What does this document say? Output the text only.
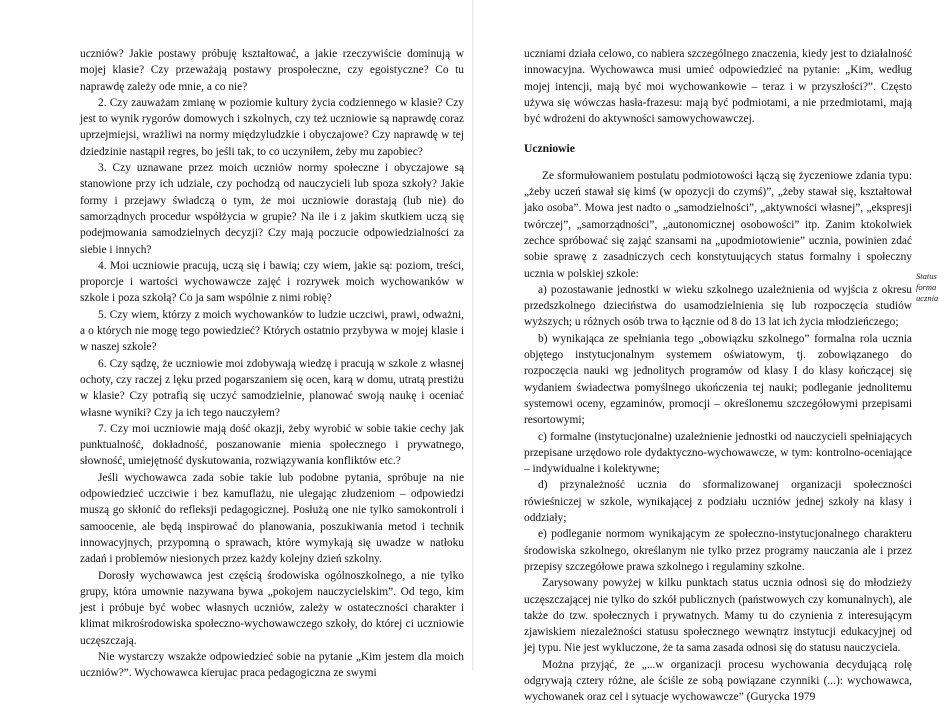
uczniów? Jakie postawy próbuję kształtować, a jakie rzeczywiście dominują w mojej klasie? Czy przeważają postawy prospołeczne, czy egoistyczne? Co tu naprawdę zależy ode mnie, a co nie?

2. Czy zauważam zmianę w poziomie kultury życia codziennego w klasie? Czy jest to wynik rygorów domowych i szkolnych, czy też uczniowie są naprawdę coraz uprzejmiejsi, wrażliwi na normy międzyludzkie i obyczajowe? Czy naprawdę w tej dziedzinie nastąpił regres, bo jeśli tak, to co uczyniłem, żeby mu zapobiec?

3. Czy uznawane przez moich uczniów normy społeczne i obyczajowe są stanowione przy ich udziale, czy pochodzą od nauczycieli lub spoza szkoły? Jakie formy i przejawy świadczą o tym, że moi uczniowie dorastają (lub nie) do samorządnych procedur współżycia w grupie? Na ile i z jakim skutkiem uczą się podejmowania samodzielnych decyzji? Czy mają poczucie odpowiedzialności za siebie i innych?

4. Moi uczniowie pracują, uczą się i bawią; czy wiem, jakie są: poziom, treści, proporcje i wartości wychowawcze zajęć i rozrywek moich wychowanków w szkole i poza szkołą? Co ja sam wspólnie z nimi robię?

5. Czy wiem, którzy z moich wychowanków to ludzie uczciwi, prawi, odważni, a o których nie mogę tego powiedzieć? Których ostatnio przybywa w mojej klasie i w naszej szkole?

6. Czy sądzę, że uczniowie moi zdobywają wiedzę i pracują w szkole z własnej ochoty, czy raczej z lęku przed pogarszaniem się ocen, karą w domu, utratą prestiżu w klasie? Czy potrafią się uczyć samodzielnie, planować swoją naukę i oceniać własne wyniki? Czy ja ich tego nauczyłem?

7. Czy moi uczniowie mają dość okazji, żeby wyrobić w sobie takie cechy jak punktualność, dokładność, poszanowanie mienia społecznego i prywatnego, słowność, umiejętność dyskutowania, rozwiązywania konfliktów etc.?

Jeśli wychowawca zada sobie takie lub podobne pytania, spróbuje na nie odpowiedzieć uczciwie i bez kamuflażu, nie ulegając złudzeniom – odpowiedzi muszą go skłonić do refleksji pedagogicznej. Posłużą one nie tylko samokontroli i samoocenie, ale będą inspirować do planowania, poszukiwania metod i technik innowacyjnych, przypomną o sprawach, które wymykają się uwadze w natłoku zadań i problemów niesionych przez każdy kolejny dzień szkolny.

Dorosły wychowawca jest częścią środowiska ogólnoszkolnego, a nie tylko grupy, która umownie nazywana bywa „pokojem nauczycielskim”. Od tego, kim jest i próbuje być wobec własnych uczniów, zależy w ostateczności charakter i klimat mikrośrodowiska społeczno-wychowawczego szkoły, do której ci uczniowie uczęszczają.

Nie wystarczy wszakże odpowiedzieć sobie na pytanie „Kim jestem dla moich uczniów?”. Wychowawca kierujac praca pedagogiczna ze swymi

uczniami działa celowo, co nabiera szczególnego znaczenia, kiedy jest to działalność innowacyjna. Wychowawca musi umieć odpowiedzieć na pytanie: „Kim, według mojej intencji, mają być moi wychowankowie – teraz i w przyszłości?”. Często używa się wówczas hasła-frazesu: mają być podmiotami, a nie przedmiotami, mają być wdrożeni do aktywności samowychowawczej.

Uczniowie

Ze sformułowaniem postulatu podmiotowości łączą się życzeniowe zdania typu: „żeby uczeń stawał się kimś (w opozycji do czymś)”, „żeby stawał się, kształtował jako osoba”. Mowa jest nadto o „samodzielności”, „aktywności własnej”, „ekspresji twórczej”, „samorządności”, „autonomicznej osobowości” itp. Zanim ktokolwiek zechce spróbować się zająć szansami na „upodmiotowienie” ucznia, powinien zdać sobie sprawę z zasadniczych cech konstytuujących status formalny i społeczny ucznia w polskiej szkole:

a) pozostawanie jednostki w wieku szkolnego uzależnienia od wyjścia z okresu przedszkolnego dzieciństwa do usamodzielnienia się lub rozpoczęcia studiów wyższych; u różnych osób trwa to łącznie od 8 do 13 lat ich życia młodzieńczego;

b) wynikająca ze spełniania tego „obowiązku szkolnego” formalna rola ucznia objętego instytucjonalnym systemem oświatowym, tj. zobowiązanego do rozpoczęcia nauki wg jednolitych programów od klasy I do klasy kończącej się wydaniem świadectwa pomyślnego ukończenia tej nauki; podleganie jednolitemu systemowi oceny, egzaminów, promocji – określonemu szczegółowymi przepisami resortowymi;

c) formalne (instytucjonalne) uzależnienie jednostki od nauczycieli spełniających przepisane urzędowo role dydaktyczno-wychowawcze, w tym: kontrolno-oceniające – indywidualne i kolektywne;

d) przynależność ucznia do sformalizowanej organizacji społeczności rówieśniczej w szkole, wynikającej z podziału uczniów jednej szkoły na klasy i oddziały;

e) podleganie normom wynikającym ze społeczno-instytucjonalnego charakteru środowiska szkolnego, określanym nie tylko przez programy nauczania ale i przez przepisy szczegółowe prawa szkolnego i regulaminy szkolne.

Zarysowany powyżej w kilku punktach status ucznia odnosi się do młodzieży uczęszczającej nie tylko do szkół publicznych (państwowych czy komunalnych), ale także do tzw. społecznych i prywatnych. Mamy tu do czynienia z interesującym zjawiskiem niezależności statusu społecznego wewnątrz instytucji edukacyjnej od jej typu. Nie jest wykluczone, że ta sama zasada odnosi się do statusu nauczyciela.

Można przyjąć, że „...w organizacji procesu wychowania decydującą rolę odgrywają cztery różne, ale ściśle ze sobą powiązane czynniki (...): wychowawca, wychowanek oraz cel i sytuacje wychowawcze” (Gurycka 1979

Status
forma
ucznia
